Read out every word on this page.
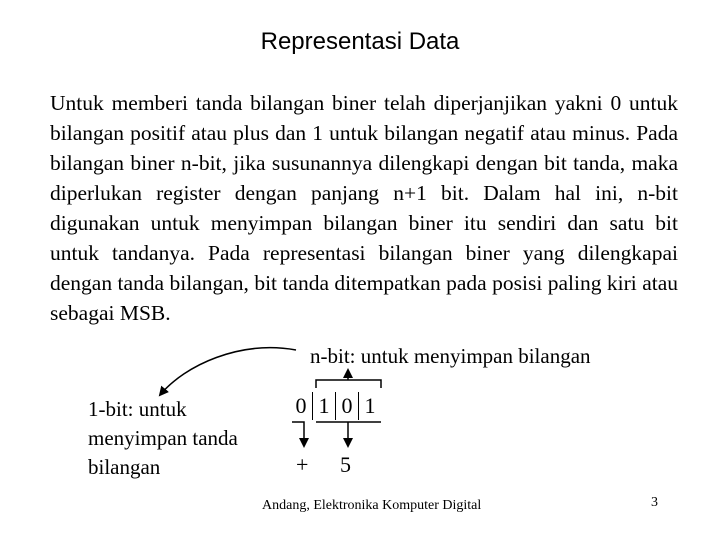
Representasi Data

Untuk memberi tanda bilangan biner telah diperjanjikan yakni 0 untuk bilangan positif atau plus dan 1 untuk bilangan negatif atau minus. Pada bilangan biner n-bit, jika susunannya dilengkapi dengan bit tanda, maka diperlukan register dengan panjang n+1 bit. Dalam hal ini, n-bit digunakan untuk menyimpan bilangan biner itu sendiri dan satu bit untuk tandanya. Pada representasi bilangan biner yang dilengkapai dengan tanda bilangan, bit tanda ditempatkan pada posisi paling kiri atau sebagai MSB.

n-bit: untuk menyimpan bilangan
1-bit: untuk menyimpan tanda bilangan
0 1 0 1
+ 5
Andang, Elektronika Komputer Digital	3
